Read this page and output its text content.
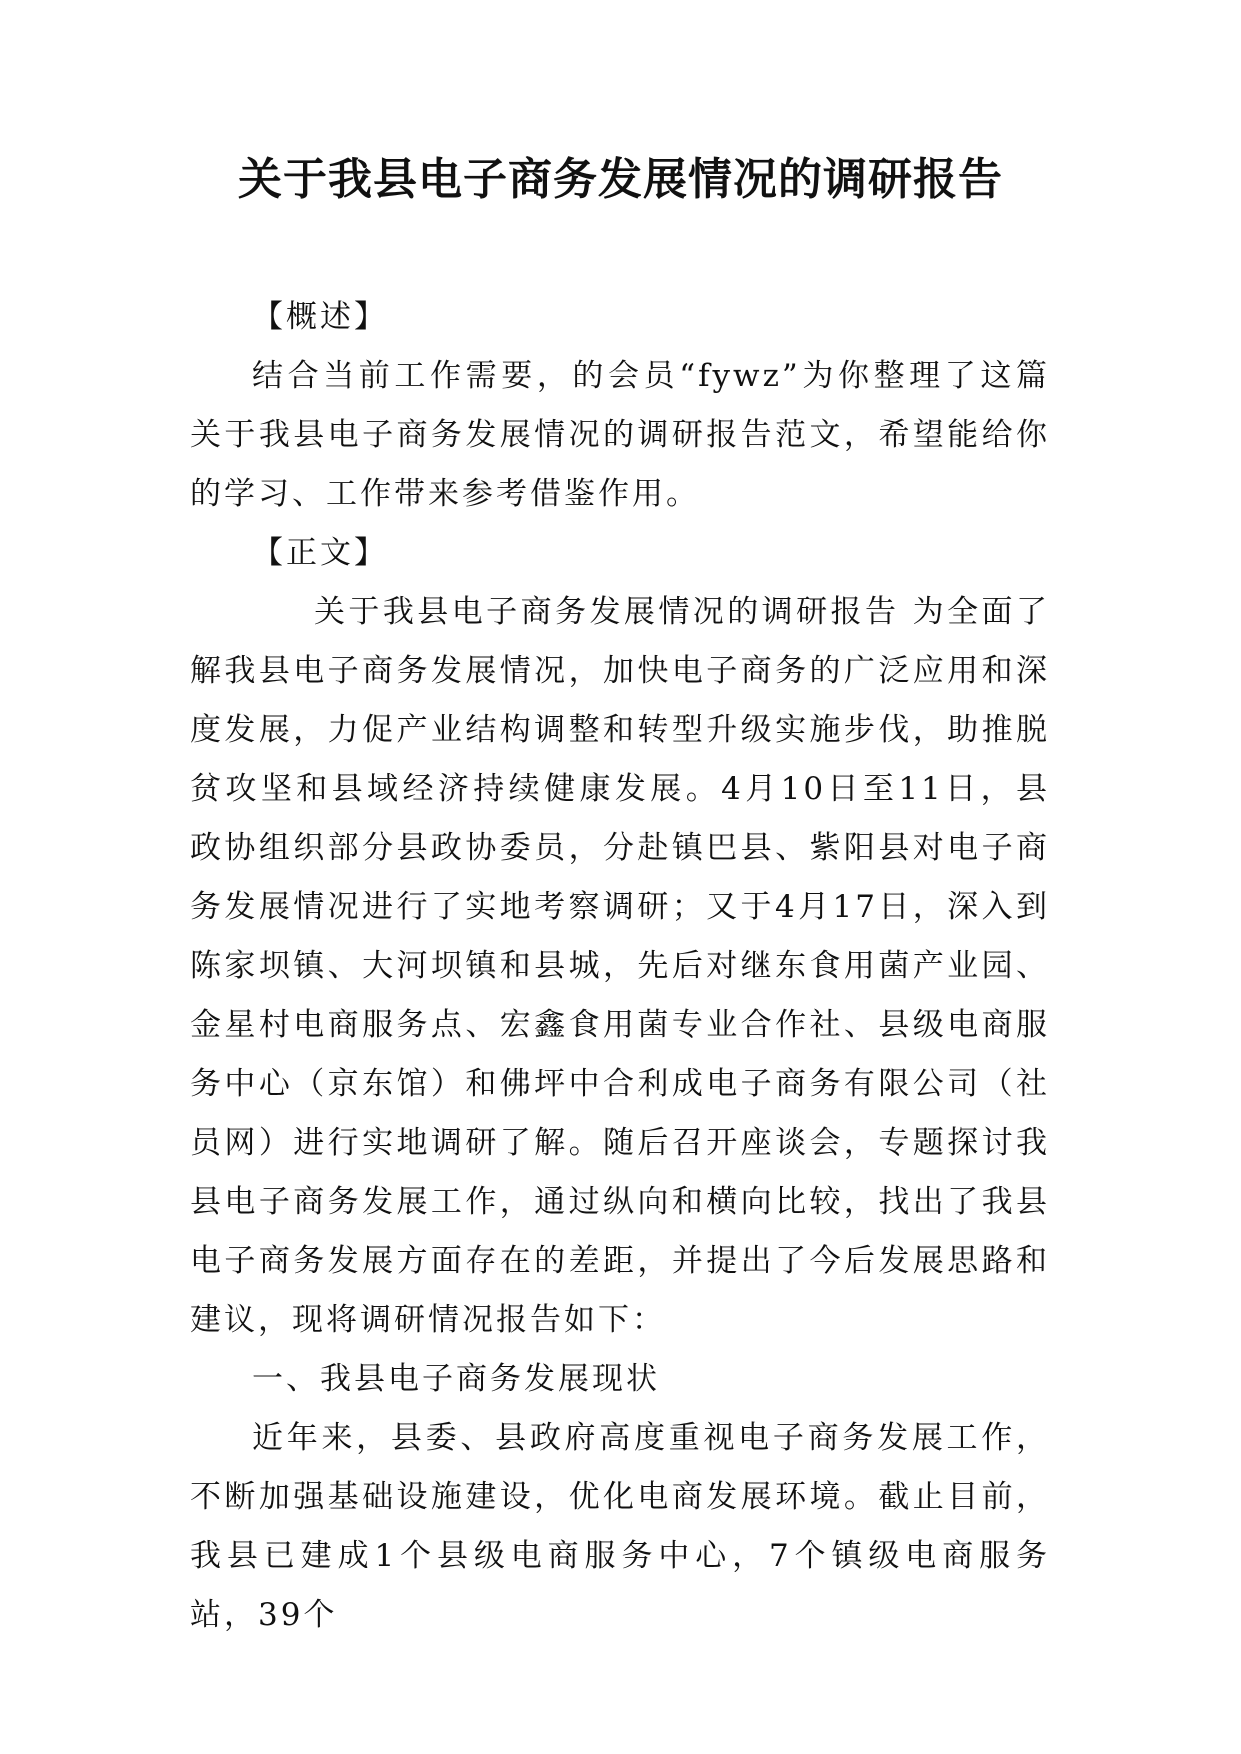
关于我县电子商务发展情况的调研报告

【概述】

结合当前工作需要，的会员“fywz”为你整理了这篇关于我县电子商务发展情况的调研报告范文，希望能给你的学习、工作带来参考借鉴作用。

【正文】

关于我县电子商务发展情况的调研报告 为全面了解我县电子商务发展情况，加快电子商务的广泛应用和深度发展，力促产业结构调整和转型升级实施步伐，助推脱贫攻坚和县域经济持续健康发展。4月10日至11日，县政协组织部分县政协委员，分赴镇巴县、紫阳县对电子商务发展情况进行了实地考察调研；又于4月17日，深入到陈家坝镇、大河坝镇和县城，先后对继东食用菌产业园、金星村电商服务点、宏鑫食用菌专业合作社、县级电商服务中心（京东馆）和佛坪中合利成电子商务有限公司（社员网）进行实地调研了解。随后召开座谈会，专题探讨我县电子商务发展工作，通过纵向和横向比较，找出了我县电子商务发展方面存在的差距，并提出了今后发展思路和建议，现将调研情况报告如下：

一、我县电子商务发展现状

近年来，县委、县政府高度重视电子商务发展工作，不断加强基础设施建设，优化电商发展环境。截止目前，我县已建成1个县级电商服务中心，7个镇级电商服务站，39个
